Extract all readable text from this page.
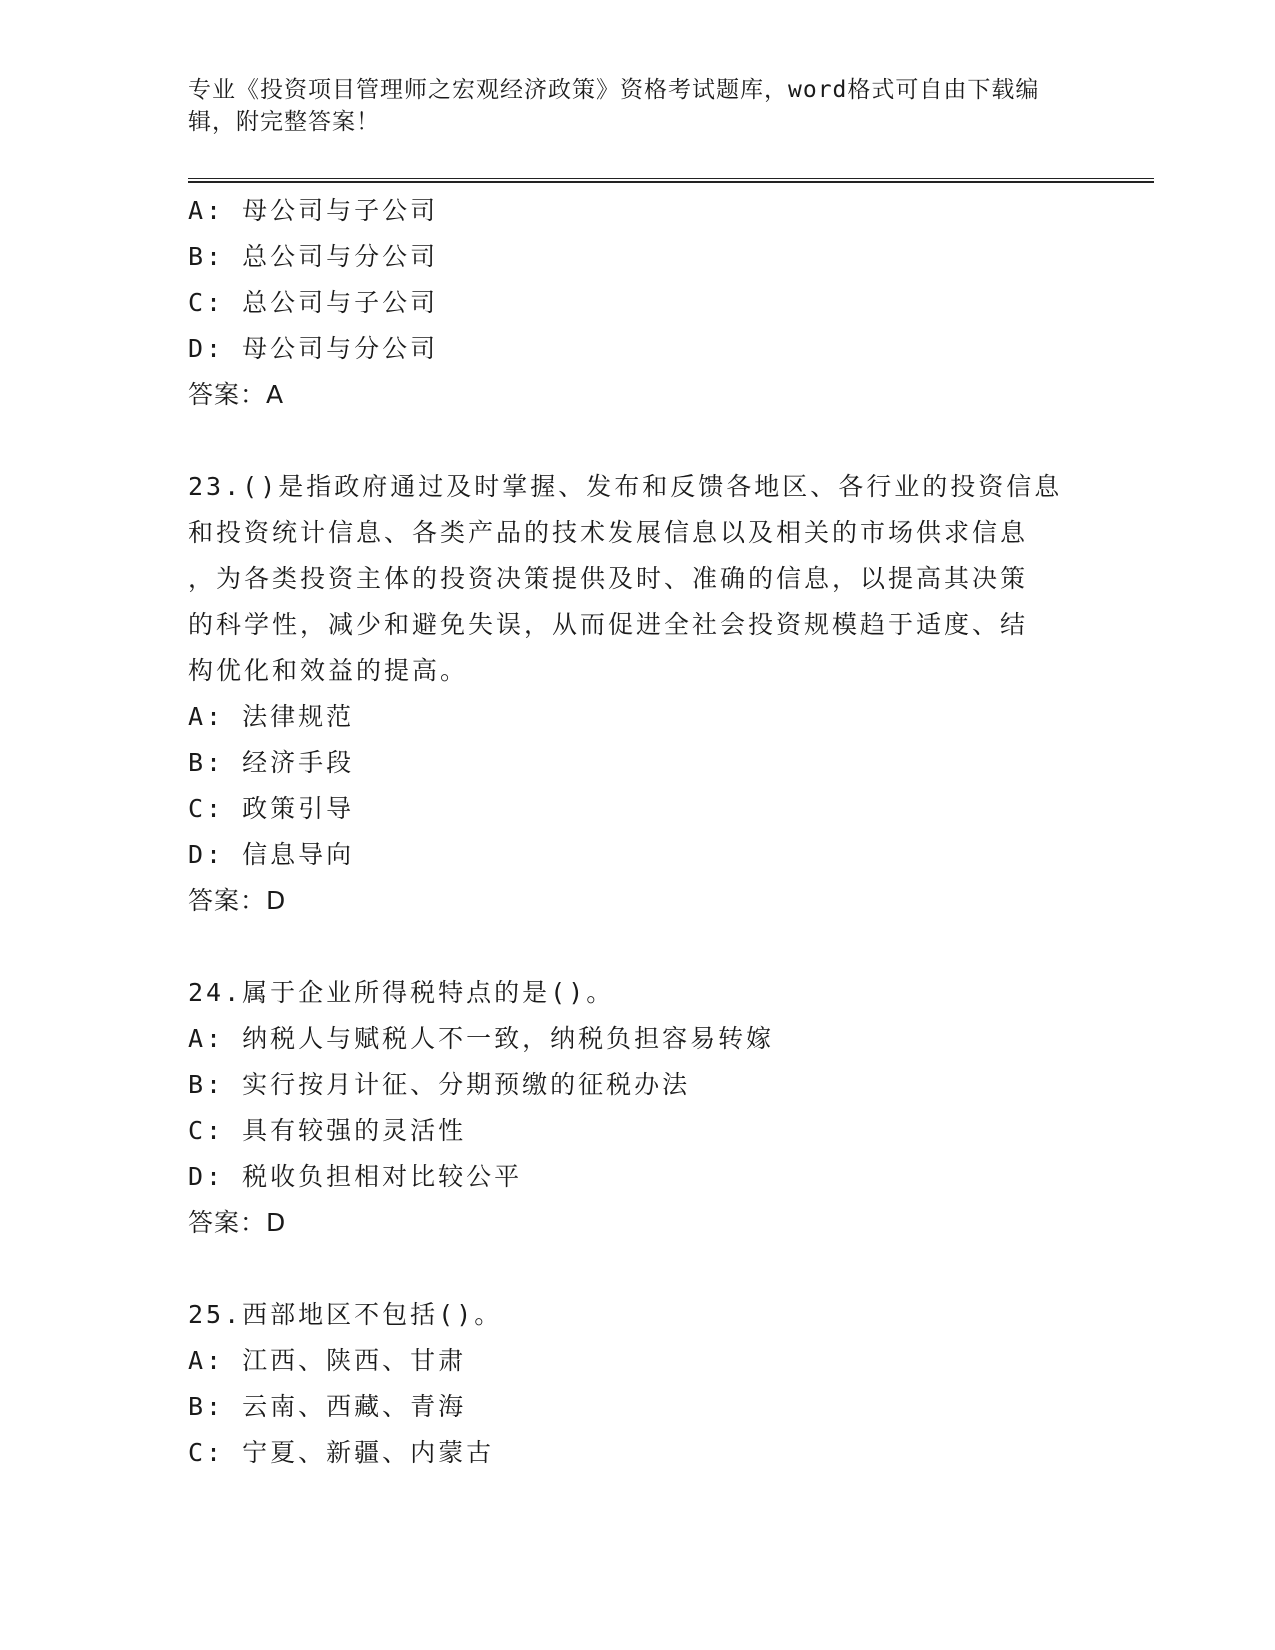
专业《投资项目管理师之宏观经济政策》资格考试题库，word格式可自由下载编
辑，附完整答案！
A: 母公司与子公司
B: 总公司与分公司
C: 总公司与子公司
D: 母公司与分公司
答案：A
23.()是指政府通过及时掌握、发布和反馈各地区、各行业的投资信息
和投资统计信息、各类产品的技术发展信息以及相关的市场供求信息
，为各类投资主体的投资决策提供及时、准确的信息，以提高其决策
的科学性，减少和避免失误，从而促进全社会投资规模趋于适度、结
构优化和效益的提高。
A: 法律规范
B: 经济手段
C: 政策引导
D: 信息导向
答案：D
24.属于企业所得税特点的是()。
A: 纳税人与赋税人不一致，纳税负担容易转嫁
B: 实行按月计征、分期预缴的征税办法
C: 具有较强的灵活性
D: 税收负担相对比较公平
答案：D
25.西部地区不包括()。
A: 江西、陕西、甘肃
B: 云南、西藏、青海
C: 宁夏、新疆、内蒙古
